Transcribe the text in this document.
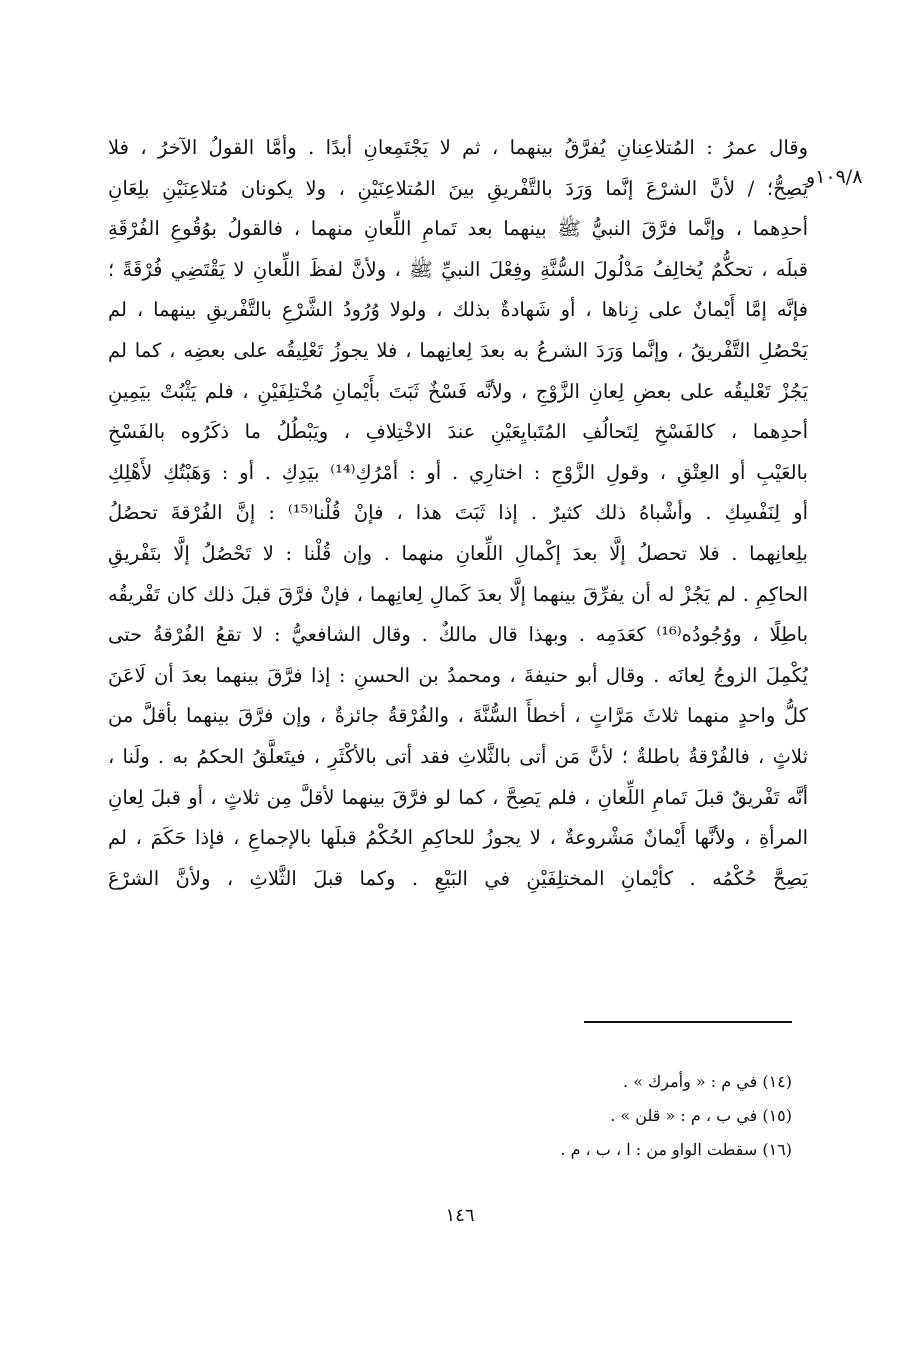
١٠٩/٨و
وقال عمرُ : المُتلاعِنانِ يُفرَّقُ بينهما ، ثم لا يَجْتَمِعانِ أبدًا . وأمَّا القولُ الآخرُ ، فلا
يَصِحُّ؛ / لأنَّ الشرْعَ إنَّما وَرَدَ بالتَّفْريقِ بينَ المُتلاعِنَيْنِ ، ولا يكونان مُتلاعِنَيْنِ بلِعَانِ
أحدِهما ، وإنَّما فرَّقَ النبيُّ ﷺ بينهما بعد تَمامِ اللِّعانِ منهما ، فالقولُ بوُقُوعِ الفُرْقَةِ
قبلَه ، تحكُّمٌ يُخالِفُ مَدْلُولَ السُّنَّةِ وفِعْلَ النبيِّ ﷺ ، ولأنَّ لفظَ اللِّعانِ لا يَقْتَضِي فُرْقَةً ؛
فإنَّه إمَّا أَيْمانٌ على زِناها ، أو شَهادةٌ بذلك ، ولولا وُرُودُ الشَّرْعِ بالتَّفْريقِ بينهما ، لم
يَحْصُلِ التَّفْريقُ ، وإنَّما وَرَدَ الشرعُ به بعدَ لِعانِهما ، فلا يجوزُ تَعْلِيقُه على بعضِه ، كما لم
يَجُزْ تَعْليقُه على بعضِ لِعانِ الزَّوْجِ ، ولأنَّه فَسْخٌ ثَبَتَ بأَيْمانِ مُخْتلِفَيْنِ ، فلم يَثْبُتْ بيَمِينِ
أحدِهما ، كالفَسْخِ لِتَحالُفِ المُتَبايِعَيْنِ عندَ الاخْتِلافِ ، ويَبْطُلُ ما ذكَرُوه بالفَسْخِ
بالعَيْبِ أو العِتْقِ ، وقولِ الزَّوْجِ : اختارِي . أو : أمْرُكِ⁽¹⁴⁾ بيَدِكِ . أو : وَهَبْتُكِ لأَهْلِكِ
أو لِنَفْسِكِ . وأشْباهُ ذلك كثيرٌ . إذا ثَبَتَ هذا ، فإنْ قُلْنا⁽¹⁵⁾ : إنَّ الفُرْقةَ تحصُلُ
بلِعانِهما . فلا تحصلُ إلَّا بعدَ إكْمالِ اللِّعانِ منهما . وإن قُلْنا : لا تَحْصُلُ إلَّا بتَفْريقِ
الحاكِمِ . لم يَجُزْ له أن يفرِّقَ بينهما إلَّا بعدَ كَمالِ لِعانِهما ، فإنْ فرَّقَ قبلَ ذلك كان تَفْريقُه
باطِلًا ، ووُجُودُه⁽¹⁶⁾ كعَدَمِه . وبهذا قال مالكٌ . وقال الشافعيُّ : لا تقعُ الفُرْقةُ حتى
يُكْمِلَ الزوجُ لِعانَه . وقال أبو حنيفةَ ، ومحمدُ بن الحسنِ : إذا فرَّقَ بينهما بعدَ أن لَاعَنَ
كلُّ واحدٍ منهما ثلاثَ مَرَّاتٍ ، أخطأَ السُّنَّةَ ، والفُرْقةُ جائزةٌ ، وإن فرَّقَ بينهما بأقلَّ من
ثلاثٍ ، فالفُرْقةُ باطلةٌ ؛ لأنَّ مَن أتى بالثَّلاثِ فقد أتى بالأكْثَرِ ، فيتَعلَّقُ الحكمُ به . ولَنا ،
أنَّه تَفْريقٌ قبلَ تَمامِ اللِّعانِ ، فلم يَصِحَّ ، كما لو فرَّقَ بينهما لأقلَّ مِن ثلاثٍ ، أو قبلَ لِعانِ
المرأةِ ، ولأنَّها أَيْمانٌ مَشْروعةٌ ، لا يجوزُ للحاكِمِ الحُكْمُ قبلَها بالإجماعِ ، فإذا حَكَمَ ، لم
يَصِحَّ حُكْمُه . كأيْمانِ المختلِفَيْنِ في البَيْعِ . وكما قبلَ الثَّلاثِ ، ولأنَّ الشرْعَ
(١٤) في م : « وأمرك » .
(١٥) في ب ، م : « قلن » .
(١٦) سقطت الواو من : ا ، ب ، م .
١٤٦
